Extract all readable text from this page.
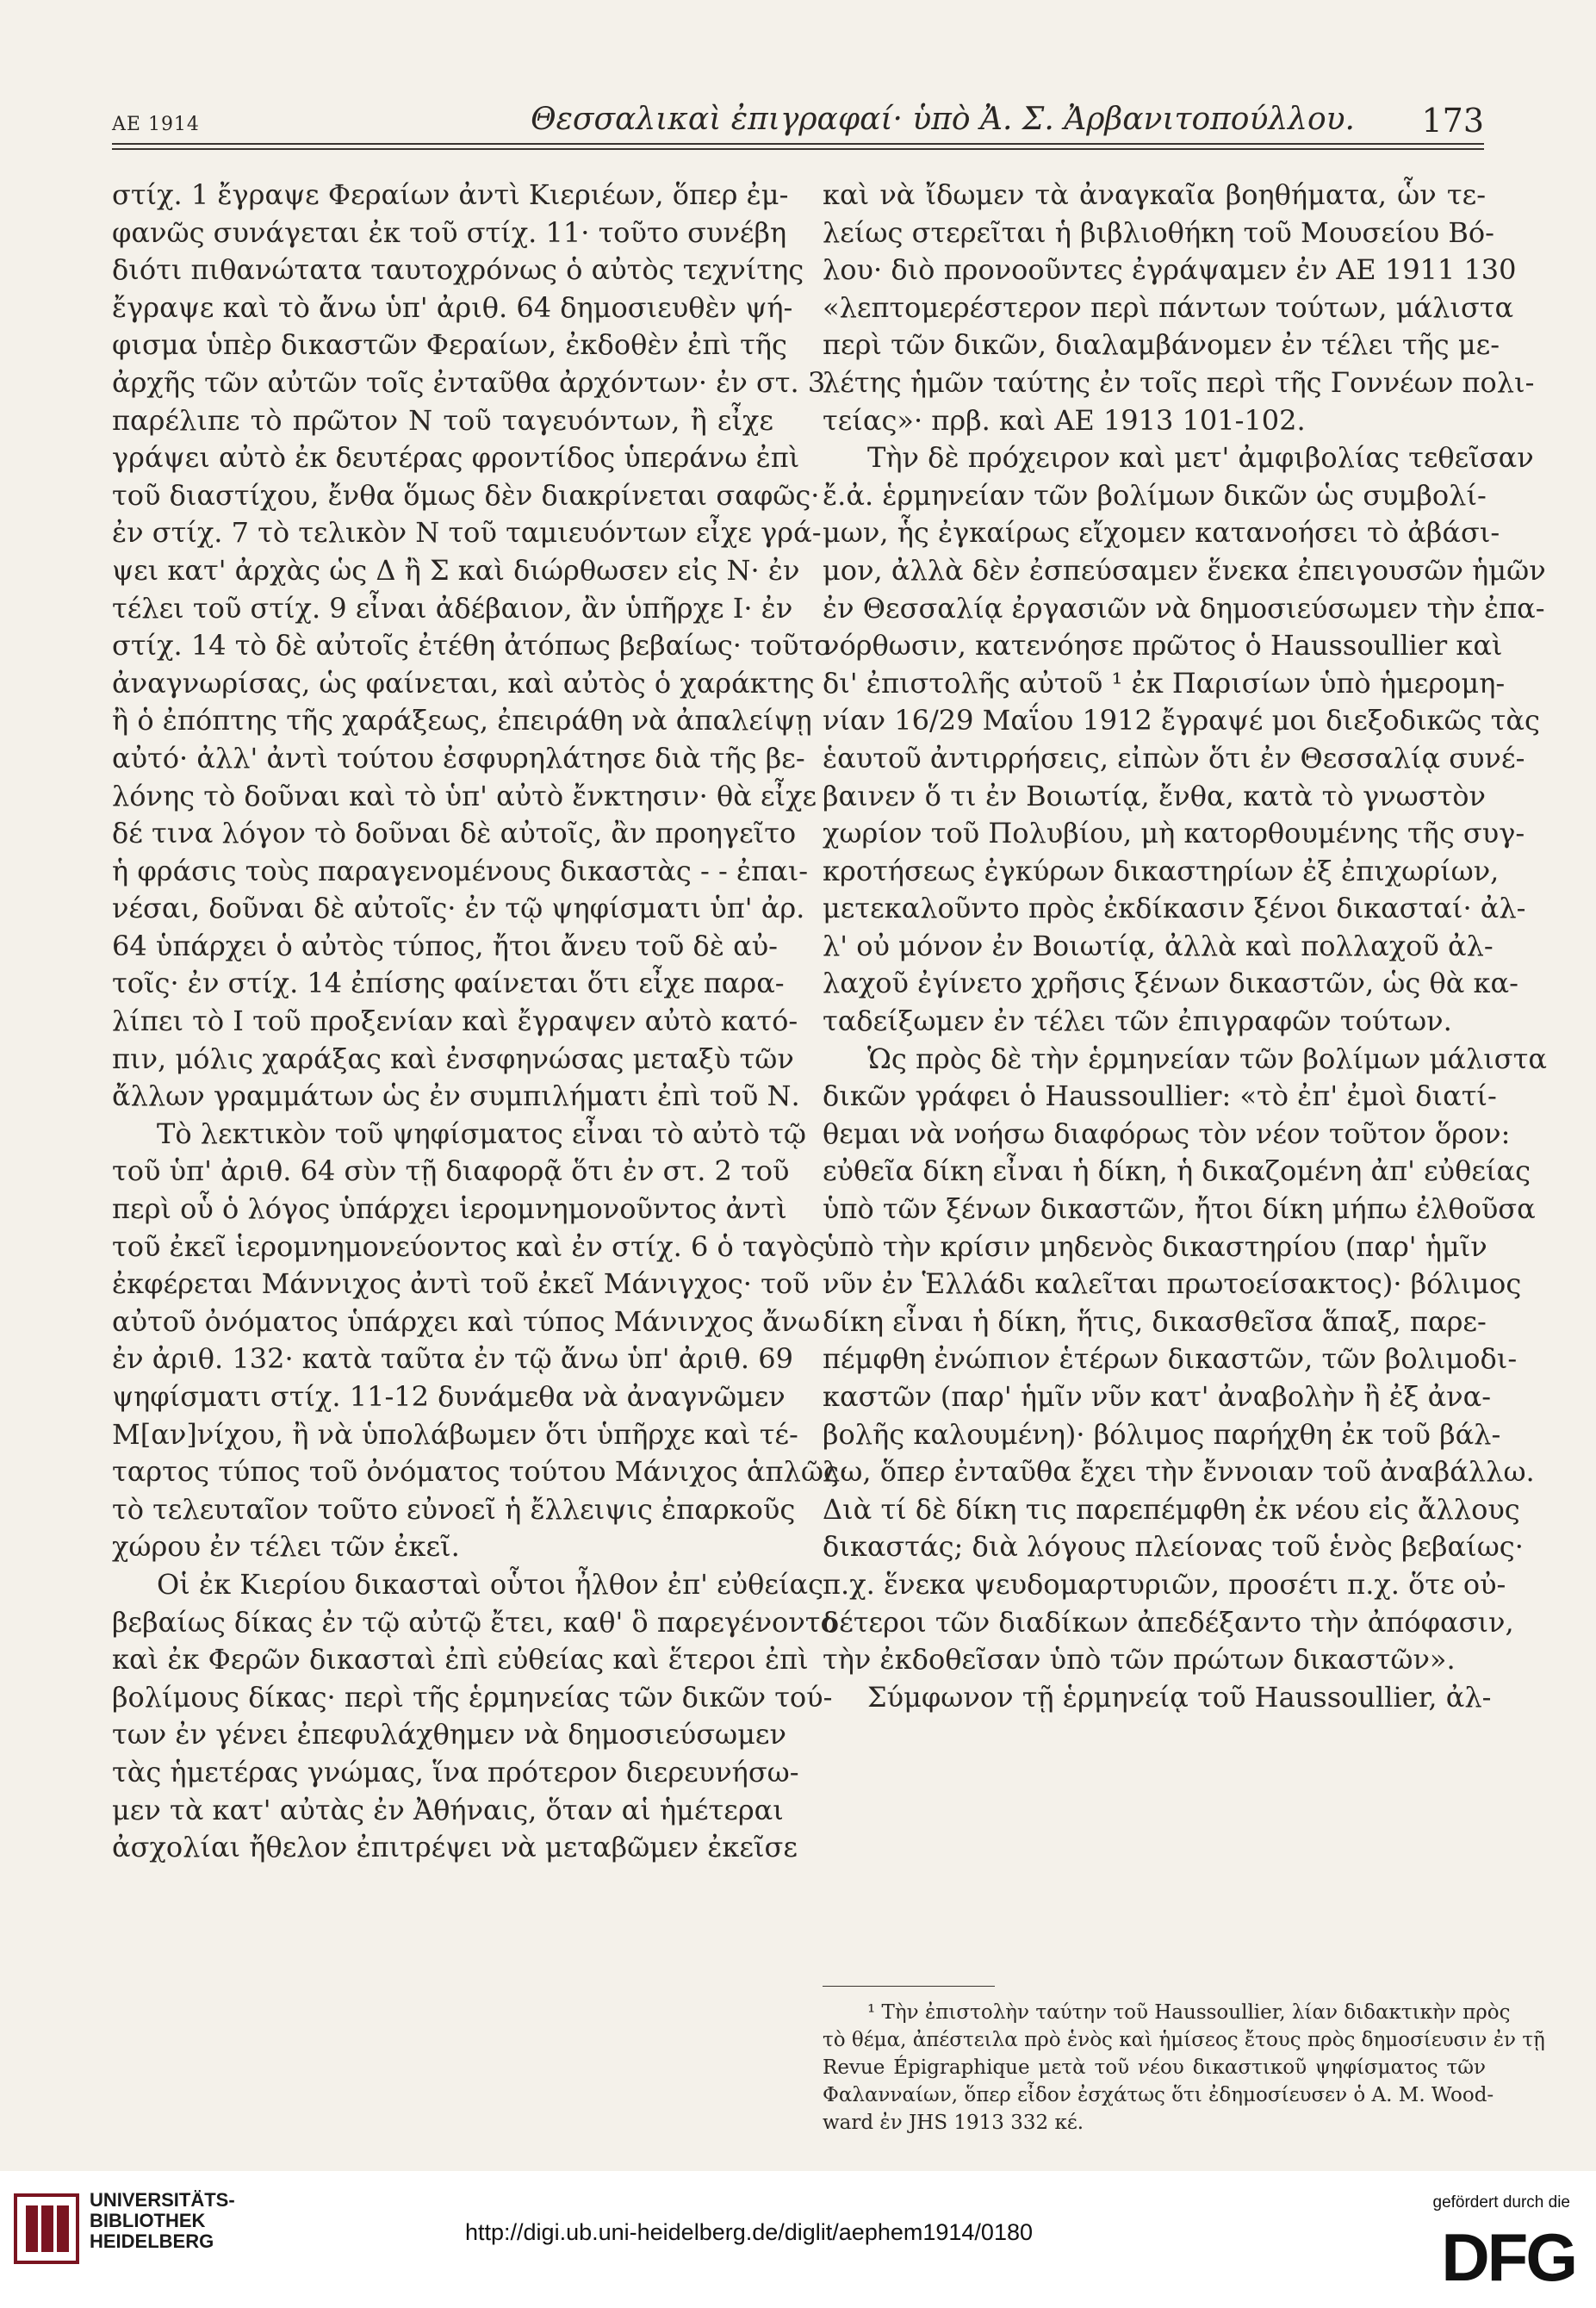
ΑΕ 1914	Θεσσαλικαὶ ἐπιγραφαί· ὑπὸ Ἀ. Σ. Ἀρβανιτοπούλλου. 173
στίχ. 1 ἔγραψε Φεραίων ἀντὶ Κιεριέων, ὅπερ ἐμ-
φανῶς συνάγεται ἐκ τοῦ στίχ. 11· τοῦτο συνέβη
διότι πιθανώτατα ταυτοχρόνως ὁ αὐτὸς τεχνίτης
ἔγραψε καὶ τὸ ἄνω ὑπ' ἀριθ. 64 δημοσιευθὲν ψή-
φισμα ὑπὲρ δικαστῶν Φεραίων, ἐκδοθὲν ἐπὶ τῆς
ἀρχῆς τῶν αὐτῶν τοῖς ἐνταῦθα ἀρχόντων· ἐν στ. 3
παρέλιπε τὸ πρῶτον Ν τοῦ ταγευόντων, ἢ εἶχε
γράψει αὐτὸ ἐκ δευτέρας φροντίδος ὑπεράνω ἐπὶ
τοῦ διαστίχου, ἔνθα ὅμως δὲν διακρίνεται σαφῶς·
ἐν στίχ. 7 τὸ τελικὸν Ν τοῦ ταμιευόντων εἶχε γρά-
ψει κατ' ἀρχὰς ὡς Δ ἢ Σ καὶ διώρθωσεν εἰς Ν· ἐν
τέλει τοῦ στίχ. 9 εἶναι ἀδέβαιον, ἂν ὑπῆρχε Ι· ἐν
στίχ. 14 τὸ δὲ αὐτοῖς ἐτέθη ἀτόπως βεβαίως· τοῦτο
ἀναγνωρίσας, ὡς φαίνεται, καὶ αὐτὸς ὁ χαράκτης
ἢ ὁ ἐπόπτης τῆς χαράξεως, ἐπειράθη νὰ ἀπαλείψῃ
αὐτό· ἀλλ' ἀντὶ τούτου ἐσφυρηλάτησε διὰ τῆς βε-
λόνης τὸ δοῦναι καὶ τὸ ὑπ' αὐτὸ ἔνκτησιν· θὰ εἶχε
δέ τινα λόγον τὸ δοῦναι δὲ αὐτοῖς, ἂν προηγεῖτο
ἡ φράσις τοὺς παραγενομένους δικαστὰς - - ἐπαι-
νέσαι, δοῦναι δὲ αὐτοῖς· ἐν τῷ ψηφίσματι ὑπ' ἀρ.
64 ὑπάρχει ὁ αὐτὸς τύπος, ἤτοι ἄνευ τοῦ δὲ αὐ-
τοῖς· ἐν στίχ. 14 ἐπίσης φαίνεται ὅτι εἶχε παρα-
λίπει τὸ Ι τοῦ προξενίαν καὶ ἔγραψεν αὐτὸ κατό-
πιν, μόλις χαράξας καὶ ἐνσφηνώσας μεταξὺ τῶν
ἄλλων γραμμάτων ὡς ἐν συμπιλήματι ἐπὶ τοῦ Ν.
Τὸ λεκτικὸν τοῦ ψηφίσματος εἶναι τὸ αὐτὸ τῷ
τοῦ ὑπ' ἀριθ. 64 σὺν τῇ διαφορᾷ ὅτι ἐν στ. 2 τοῦ
περὶ οὗ ὁ λόγος ὑπάρχει ἱερομνημονοῦντος ἀντὶ
τοῦ ἐκεῖ ἱερομνημονεύοντος καὶ ἐν στίχ. 6 ὁ ταγὸς
ἐκφέρεται Μάννιχος ἀντὶ τοῦ ἐκεῖ Μάνιγχος· τοῦ
αὐτοῦ ὀνόματος ὑπάρχει καὶ τύπος Μάνινχος ἄνω
ἐν ἀριθ. 132· κατὰ ταῦτα ἐν τῷ ἄνω ὑπ' ἀριθ. 69
ψηφίσματι στίχ. 11-12 δυνάμεθα νὰ ἀναγνῶμεν
Μ[αν]νίχου, ἢ νὰ ὑπολάβωμεν ὅτι ὑπῆρχε καὶ τέ-
ταρτος τύπος τοῦ ὀνόματος τούτου Μάνιχος ἁπλῶς·
τὸ τελευταῖον τοῦτο εὐνοεῖ ἡ ἔλλειψις ἐπαρκοῦς
χώρου ἐν τέλει τῶν ἐκεῖ.
Οἱ ἐκ Κιερίου δικασταὶ οὗτοι ἦλθον ἐπ' εὐθείας
βεβαίως δίκας ἐν τῷ αὐτῷ ἔτει, καθ' ὃ παρεγένοντο
καὶ ἐκ Φερῶν δικασταὶ ἐπὶ εὐθείας καὶ ἕτεροι ἐπὶ
βολίμους δίκας· περὶ τῆς ἑρμηνείας τῶν δικῶν τού-
των ἐν γένει ἐπεφυλάχθημεν νὰ δημοσιεύσωμεν
τὰς ἡμετέρας γνώμας, ἵνα πρότερον διερευνήσω-
μεν τὰ κατ' αὐτὰς ἐν Ἀθήναις, ὅταν αἱ ἡμέτεραι
ἀσχολίαι ἤθελον ἐπιτρέψει νὰ μεταβῶμεν ἐκεῖσε
καὶ νὰ ἴδωμεν τὰ ἀναγκαῖα βοηθήματα, ὧν τε-
λείως στερεῖται ἡ βιβλιοθήκη τοῦ Μουσείου Βό-
λου· διὸ προνοοῦντες ἐγράψαμεν ἐν ΑΕ 1911 130
«λεπτομερέστερον περὶ πάντων τούτων, μάλιστα
περὶ τῶν δικῶν, διαλαμβάνομεν ἐν τέλει τῆς με-
λέτης ἡμῶν ταύτης ἐν τοῖς περὶ τῆς Γοννέων πολι-
τείας»· πρβ. καὶ ΑΕ 1913 101-102.
Τὴν δὲ πρόχειρον καὶ μετ' ἀμφιβολίας τεθεῖσαν
ἔ.ἀ. ἑρμηνείαν τῶν βολίμων δικῶν ὡς συμβολί-
μων, ἧς ἐγκαίρως εἴχομεν κατανοήσει τὸ ἀβάσι-
μον, ἀλλὰ δὲν ἐσπεύσαμεν ἕνεκα ἐπειγουσῶν ἡμῶν
ἐν Θεσσαλίᾳ ἐργασιῶν νὰ δημοσιεύσωμεν τὴν ἐπα-
νόρθωσιν, κατενόησε πρῶτος ὁ Haussoullier καὶ
δι' ἐπιστολῆς αὐτοῦ ¹ ἐκ Παρισίων ὑπὸ ἡμερομη-
νίαν 16/29 Μαΐου 1912 ἔγραψέ μοι διεξοδικῶς τὰς
ἑαυτοῦ ἀντιρρήσεις, εἰπὼν ὅτι ἐν Θεσσαλίᾳ συνέ-
βαινεν ὅ τι ἐν Βοιωτίᾳ, ἔνθα, κατὰ τὸ γνωστὸν
χωρίον τοῦ Πολυβίου, μὴ κατορθουμένης τῆς συγ-
κροτήσεως ἐγκύρων δικαστηρίων ἐξ ἐπιχωρίων,
μετεκαλοῦντο πρὸς ἐκδίκασιν ξένοι δικασταί· ἀλ-
λ' οὐ μόνον ἐν Βοιωτίᾳ, ἀλλὰ καὶ πολλαχοῦ ἀλ-
λαχοῦ ἐγίνετο χρῆσις ξένων δικαστῶν, ὡς θὰ κα-
ταδείξωμεν ἐν τέλει τῶν ἐπιγραφῶν τούτων.
Ὡς πρὸς δὲ τὴν ἑρμηνείαν τῶν βολίμων μάλιστα
δικῶν γράφει ὁ Haussoullier: «τὸ ἐπ' ἐμοὶ διατί-
θεμαι νὰ νοήσω διαφόρως τὸν νέον τοῦτον ὅρον:
εὐθεῖα δίκη εἶναι ἡ δίκη, ἡ δικαζομένη ἀπ' εὐθείας
ὑπὸ τῶν ξένων δικαστῶν, ἤτοι δίκη μήπω ἐλθοῦσα
ὑπὸ τὴν κρίσιν μηδενὸς δικαστηρίου (παρ' ἡμῖν
νῦν ἐν Ἑλλάδι καλεῖται πρωτοείσακτος)· βόλιμος
δίκη εἶναι ἡ δίκη, ἥτις, δικασθεῖσα ἅπαξ, παρε-
πέμφθη ἐνώπιον ἑτέρων δικαστῶν, τῶν βολιμοδι-
καστῶν (παρ' ἡμῖν νῦν κατ' ἀναβολὴν ἢ ἐξ ἀνα-
βολῆς καλουμένη)· βόλιμος παρήχθη ἐκ τοῦ βάλ-
λω, ὅπερ ἐνταῦθα ἔχει τὴν ἔννοιαν τοῦ ἀναβάλλω.
Διὰ τί δὲ δίκη τις παρεπέμφθη ἐκ νέου εἰς ἄλλους
δικαστάς; διὰ λόγους πλείονας τοῦ ἑνὸς βεβαίως·
π.χ. ἕνεκα ψευδομαρτυριῶν, προσέτι π.χ. ὅτε οὐ-
δέτεροι τῶν διαδίκων ἀπεδέξαντο τὴν ἀπόφασιν,
τὴν ἐκδοθεῖσαν ὑπὸ τῶν πρώτων δικαστῶν».
Σύμφωνον τῇ ἑρμηνείᾳ τοῦ Haussoullier, ἀλ-
¹ Τὴν ἐπιστολὴν ταύτην τοῦ Haussoullier, λίαν διδακτικὴν πρὸς
τὸ θέμα, ἀπέστειλα πρὸ ἑνὸς καὶ ἡμίσεος ἔτους πρὸς δημοσίευσιν ἐν τῇ
Revue Épigraphique μετὰ τοῦ νέου δικαστικοῦ ψηφίσματος τῶν
Φαλανναίων, ὅπερ εἶδον ἐσχάτως ὅτι ἐδημοσίευσεν ὁ A. M. Wood-
ward ἐν JHS 1913 332 κέ.
UNIVERSITÄTS-
BIBLIOTHEK
HEIDELBERG	http://digi.ub.uni-heidelberg.de/diglit/aephem1914/0180
gefördert durch die
DFG
